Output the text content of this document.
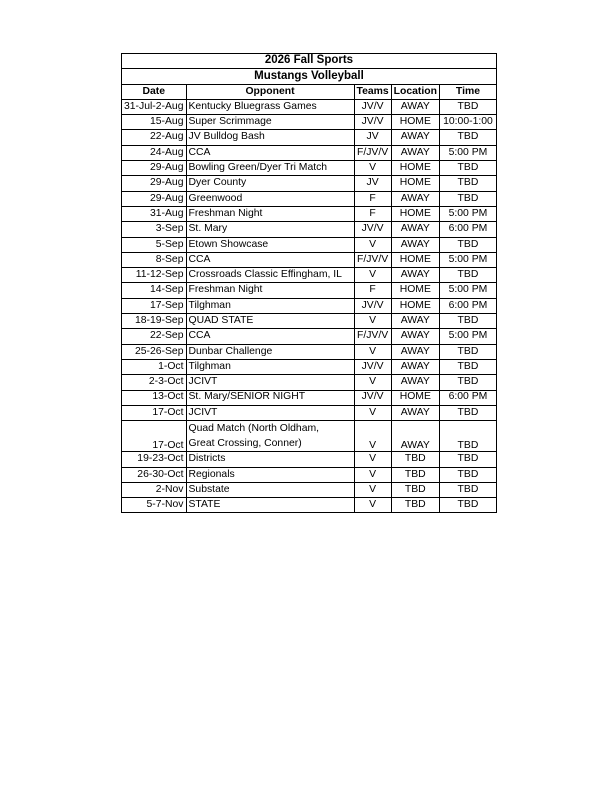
2026 Fall Sports				
Mustangs Volleyball				
Date	Opponent	Teams	Location	Time
31-Jul-2-Aug	Kentucky Bluegrass Games	JV/V	AWAY	TBD
15-Aug	Super Scrimmage	JV/V	HOME	10:00-1:00
22-Aug	JV Bulldog Bash	JV	AWAY	TBD
24-Aug	CCA	F/JV/V	AWAY	5:00 PM
29-Aug	Bowling Green/Dyer Tri Match	V	HOME	TBD
29-Aug	Dyer County	JV	HOME	TBD
29-Aug	Greenwood	F	AWAY	TBD
31-Aug	Freshman Night	F	HOME	5:00 PM
3-Sep	St. Mary	JV/V	AWAY	6:00 PM
5-Sep	Etown Showcase	V	AWAY	TBD
8-Sep	CCA	F/JV/V	HOME	5:00 PM
11-12-Sep	Crossroads Classic Effingham, IL	V	AWAY	TBD
14-Sep	Freshman Night	F	HOME	5:00 PM
17-Sep	Tilghman	JV/V	HOME	6:00 PM
18-19-Sep	QUAD STATE	V	AWAY	TBD
22-Sep	CCA	F/JV/V	AWAY	5:00 PM
25-26-Sep	Dunbar Challenge	V	AWAY	TBD
1-Oct	Tilghman	JV/V	AWAY	TBD
2-3-Oct	JCIVT	V	AWAY	TBD
13-Oct	St. Mary/SENIOR NIGHT	JV/V	HOME	6:00 PM
17-Oct	JCIVT	V	AWAY	TBD
17-Oct	Quad Match (North Oldham,
Great Crossing, Conner)	V	AWAY	TBD
19-23-Oct	Districts	V	TBD	TBD
26-30-Oct	Regionals	V	TBD	TBD
2-Nov	Substate	V	TBD	TBD
5-7-Nov	STATE	V	TBD	TBD
